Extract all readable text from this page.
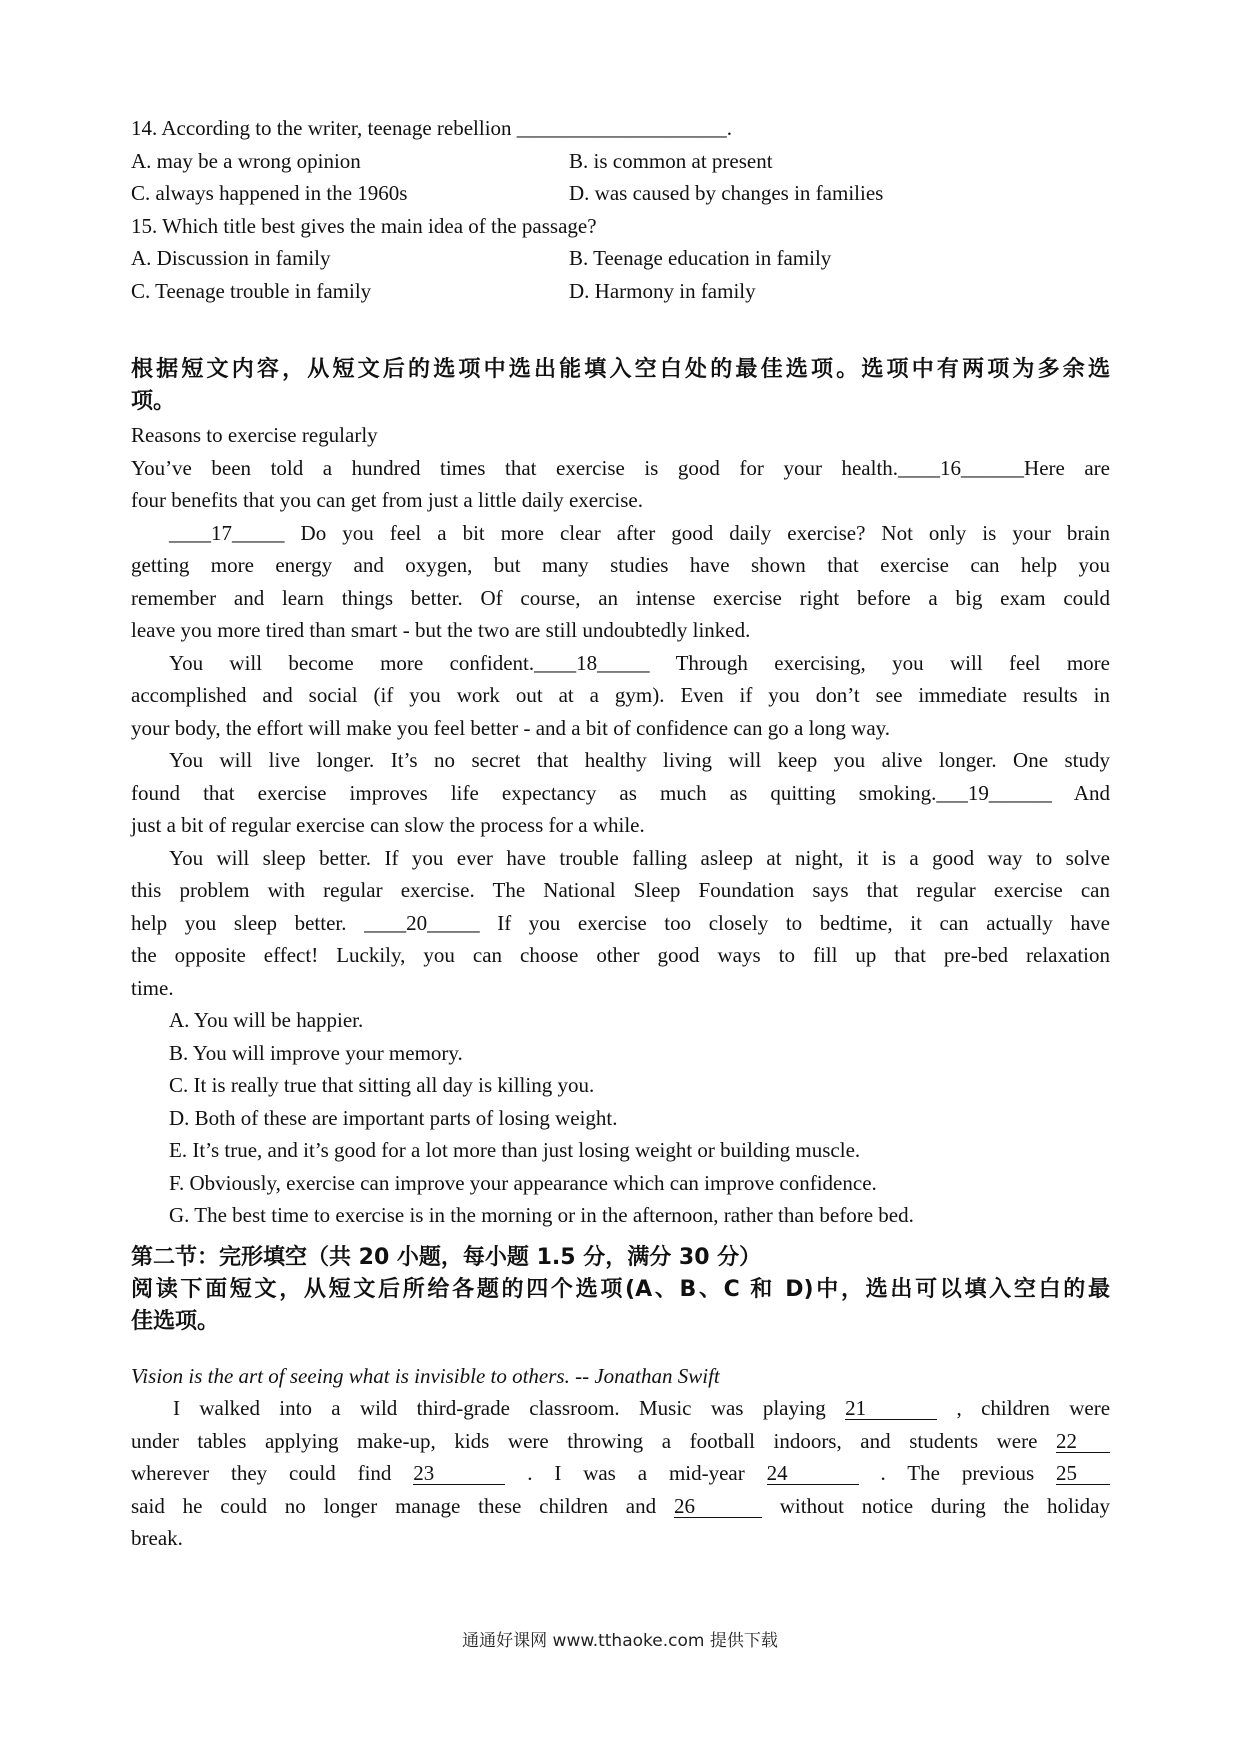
14. According to the writer, teenage rebellion ____________________.
A. may be a wrong opinion	B. is common at present
C. always happened in the 1960s	D. was caused by changes in families
15. Which title best gives the main idea of the passage?
A. Discussion in family	B. Teenage education in family
C. Teenage trouble in family	D. Harmony in family
根据短文内容，从短文后的选项中选出能填入空白处的最佳选项。选项中有两项为多余选
项。
Reasons to exercise regularly
You’ve been told a hundred times that exercise is good for your health.____16______Here are
four benefits that you can get from just a little daily exercise.
____17_____ Do you feel a bit more clear after good daily exercise? Not only is your brain
getting more energy and oxygen, but many studies have shown that exercise can help you
remember and learn things better. Of course, an intense exercise right before a big exam could
leave you more tired than smart - but the two are still undoubtedly linked.
You will become more confident.____18_____ Through exercising, you will feel more
accomplished and social (if you work out at a gym). Even if you don’t see immediate results in
your body, the effort will make you feel better - and a bit of confidence can go a long way.
You will live longer. It’s no secret that healthy living will keep you alive longer. One study
found that exercise improves life expectancy as much as quitting smoking.___19______ And
just a bit of regular exercise can slow the process for a while.
You will sleep better. If you ever have trouble falling asleep at night, it is a good way to solve
this problem with regular exercise. The National Sleep Foundation says that regular exercise can
help you sleep better. ____20_____ If you exercise too closely to bedtime, it can actually have
the opposite effect! Luckily, you can choose other good ways to fill up that pre-bed relaxation
time.
A. You will be happier.
B. You will improve your memory.
C. It is really true that sitting all day is killing you.
D. Both of these are important parts of losing weight.
E. It’s true, and it’s good for a lot more than just losing weight or building muscle.
F. Obviously, exercise can improve your appearance which can improve confidence.
G. The best time to exercise is in the morning or in the afternoon, rather than before bed.
第二节：完形填空（共 20 小题，每小题 1.5 分，满分 30 分）
阅读下面短文，从短文后所给各题的四个选项(A、B、C 和 D)中，选出可以填入空白的最
佳选项。
Vision is the art of seeing what is invisible to others. -- Jonathan Swift
I walked into a wild third-grade classroom. Music was playing 21	, children were
under tables applying make-up, kids were throwing a football indoors, and students were 22
wherever they could find 23	. I was a mid-year 24	. The previous 25
said he could no longer manage these children and 26	without notice during the holiday
break.
通通好课网 www.tthaoke.com 提供下载
